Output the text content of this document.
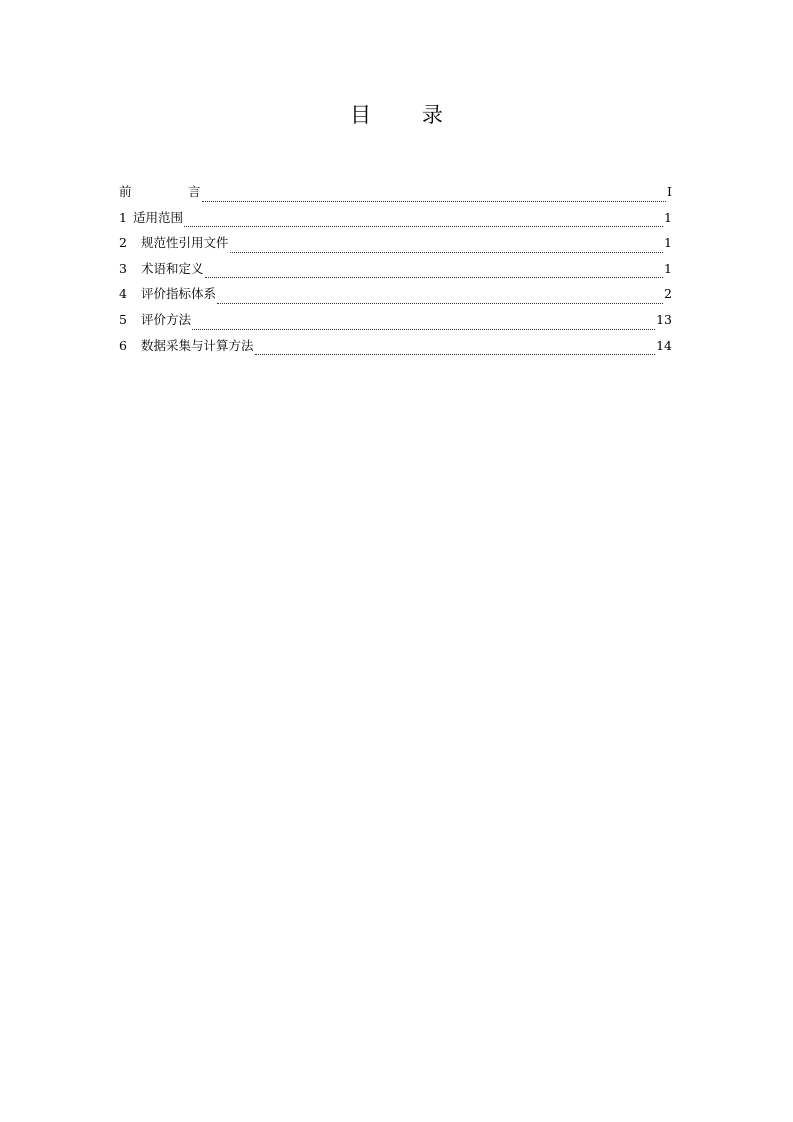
目 录
前　言	I
1 适用范围	1
2	规范性引用文件	1
3	术语和定义	1
4	评价指标体系	2
5	评价方法	13
6	数据采集与计算方法	14
